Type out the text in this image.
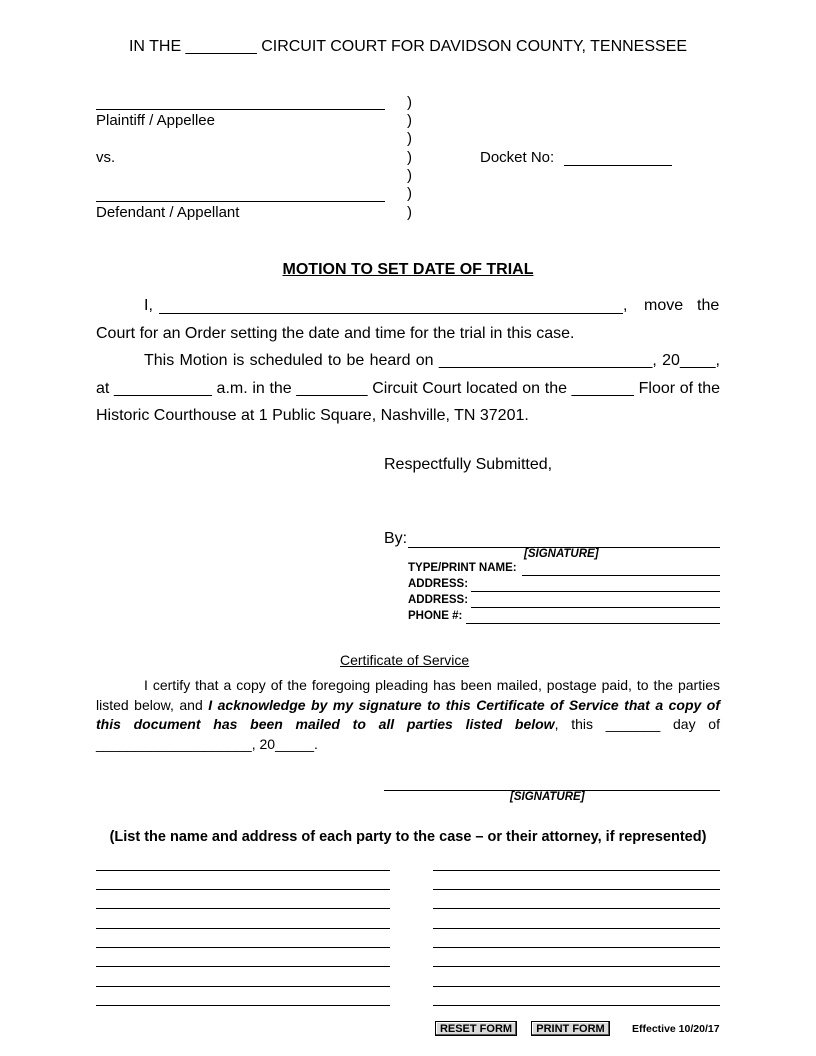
IN THE ________ CIRCUIT COURT FOR DAVIDSON COUNTY, TENNESSEE
Plaintiff / Appellee
vs.
Defendant / Appellant
)
)
)
)
)
)
)
Docket No:
MOTION TO SET DATE OF TRIAL
I,	, move the
Court for an Order setting the date and time for the trial in this case.
This Motion is scheduled to be heard on ________________________, 20____,
at ___________ a.m. in the ________ Circuit Court located on the _______ Floor of the
Historic Courthouse at 1 Public Square, Nashville, TN 37201.
Respectfully Submitted,
By:
[SIGNATURE]
TYPE/PRINT NAME:
ADDRESS:
ADDRESS:
PHONE #:
Certificate of Service
I certify that a copy of the foregoing pleading has been mailed, postage paid, to the parties listed below, and I acknowledge by my signature to this Certificate of Service that a copy of this document has been mailed to all parties listed below, this _______ day of ____________________, 20_____.
[SIGNATURE]
(List the name and address of each party to the case – or their attorney, if represented)
RESET FORM	PRINT FORM	Effective 10/20/17
